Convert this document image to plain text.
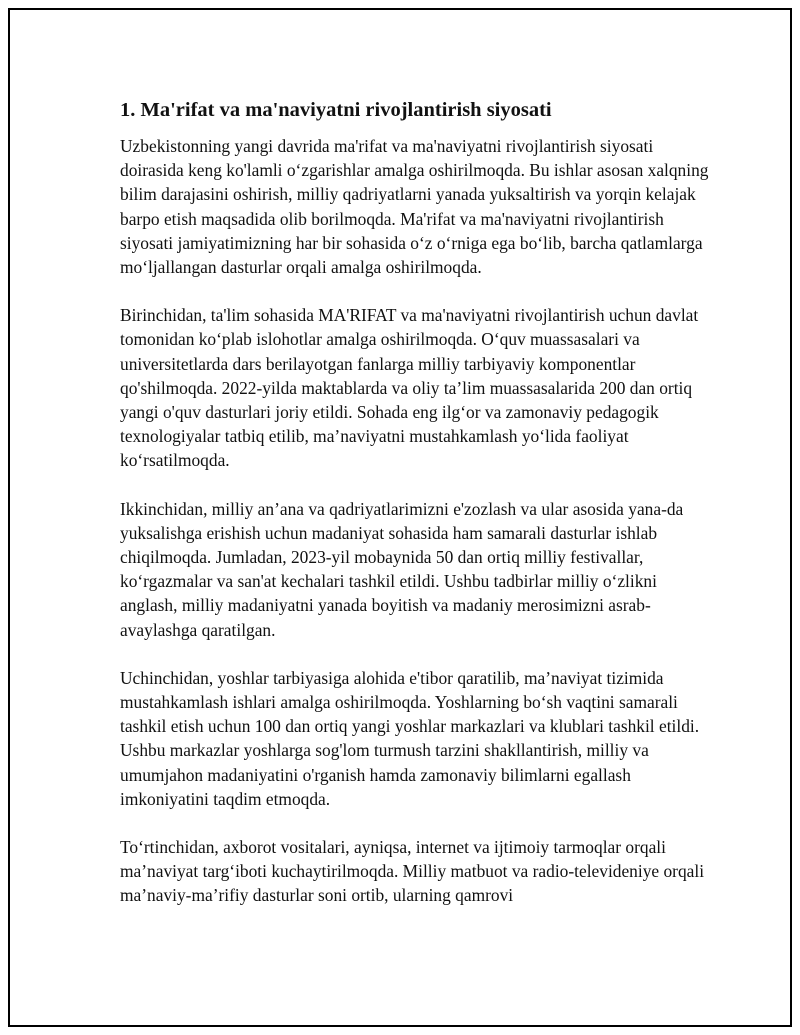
1. Ma'rifat va ma'naviyatni rivojlantirish siyosati

Uzbekistonning yangi davrida ma'rifat va ma'naviyatni rivojlantirish siyosati doirasida keng ko'lamli o‘zgarishlar amalga oshirilmoqda. Bu ishlar asosan xalqning bilim darajasini oshirish, milliy qadriyatlarni yanada yuksaltirish va yorqin kelajak barpo etish maqsadida olib borilmoqda. Ma'rifat va ma'naviyatni rivojlantirish siyosati jamiyatimizning har bir sohasida o‘z o‘rniga ega bo‘lib, barcha qatlamlarga mo‘ljallangan dasturlar orqali amalga oshirilmoqda.

Birinchidan, ta'lim sohasida MA'RIFAT va ma'naviyatni rivojlantirish uchun davlat tomonidan ko‘plab islohotlar amalga oshirilmoqda. O‘quv muassasalari va universitetlarda dars berilayotgan fanlarga milliy tarbiyaviy komponentlar qo'shilmoqda. 2022-yilda maktablarda va oliy ta’lim muassasalarida 200 dan ortiq yangi o'quv dasturlari joriy etildi. Sohada eng ilg‘or va zamonaviy pedagogik texnologiyalar tatbiq etilib, ma’naviyatni mustahkamlash yo‘lida faoliyat ko‘rsatilmoqda.

Ikkinchidan, milliy an’ana va qadriyatlarimizni e'zozlash va ular asosida yana-da yuksalishga erishish uchun madaniyat sohasida ham samarali dasturlar ishlab chiqilmoqda. Jumladan, 2023-yil mobaynida 50 dan ortiq milliy festivallar, ko‘rgazmalar va san'at kechalari tashkil etildi. Ushbu tadbirlar milliy o‘zlikni anglash, milliy madaniyatni yanada boyitish va madaniy merosimizni asrab-avaylashga qaratilgan.

Uchinchidan, yoshlar tarbiyasiga alohida e'tibor qaratilib, ma’naviyat tizimida mustahkamlash ishlari amalga oshirilmoqda. Yoshlarning bo‘sh vaqtini samarali tashkil etish uchun 100 dan ortiq yangi yoshlar markazlari va klublari tashkil etildi. Ushbu markazlar yoshlarga sog'lom turmush tarzini shakllantirish, milliy va umumjahon madaniyatini o'rganish hamda zamonaviy bilimlarni egallash imkoniyatini taqdim etmoqda.

To‘rtinchidan, axborot vositalari, ayniqsa, internet va ijtimoiy tarmoqlar orqali ma’naviyat targ‘iboti kuchaytirilmoqda. Milliy matbuot va radio-televideniye orqali ma’naviy-ma’rifiy dasturlar soni ortib, ularning qamrovi
